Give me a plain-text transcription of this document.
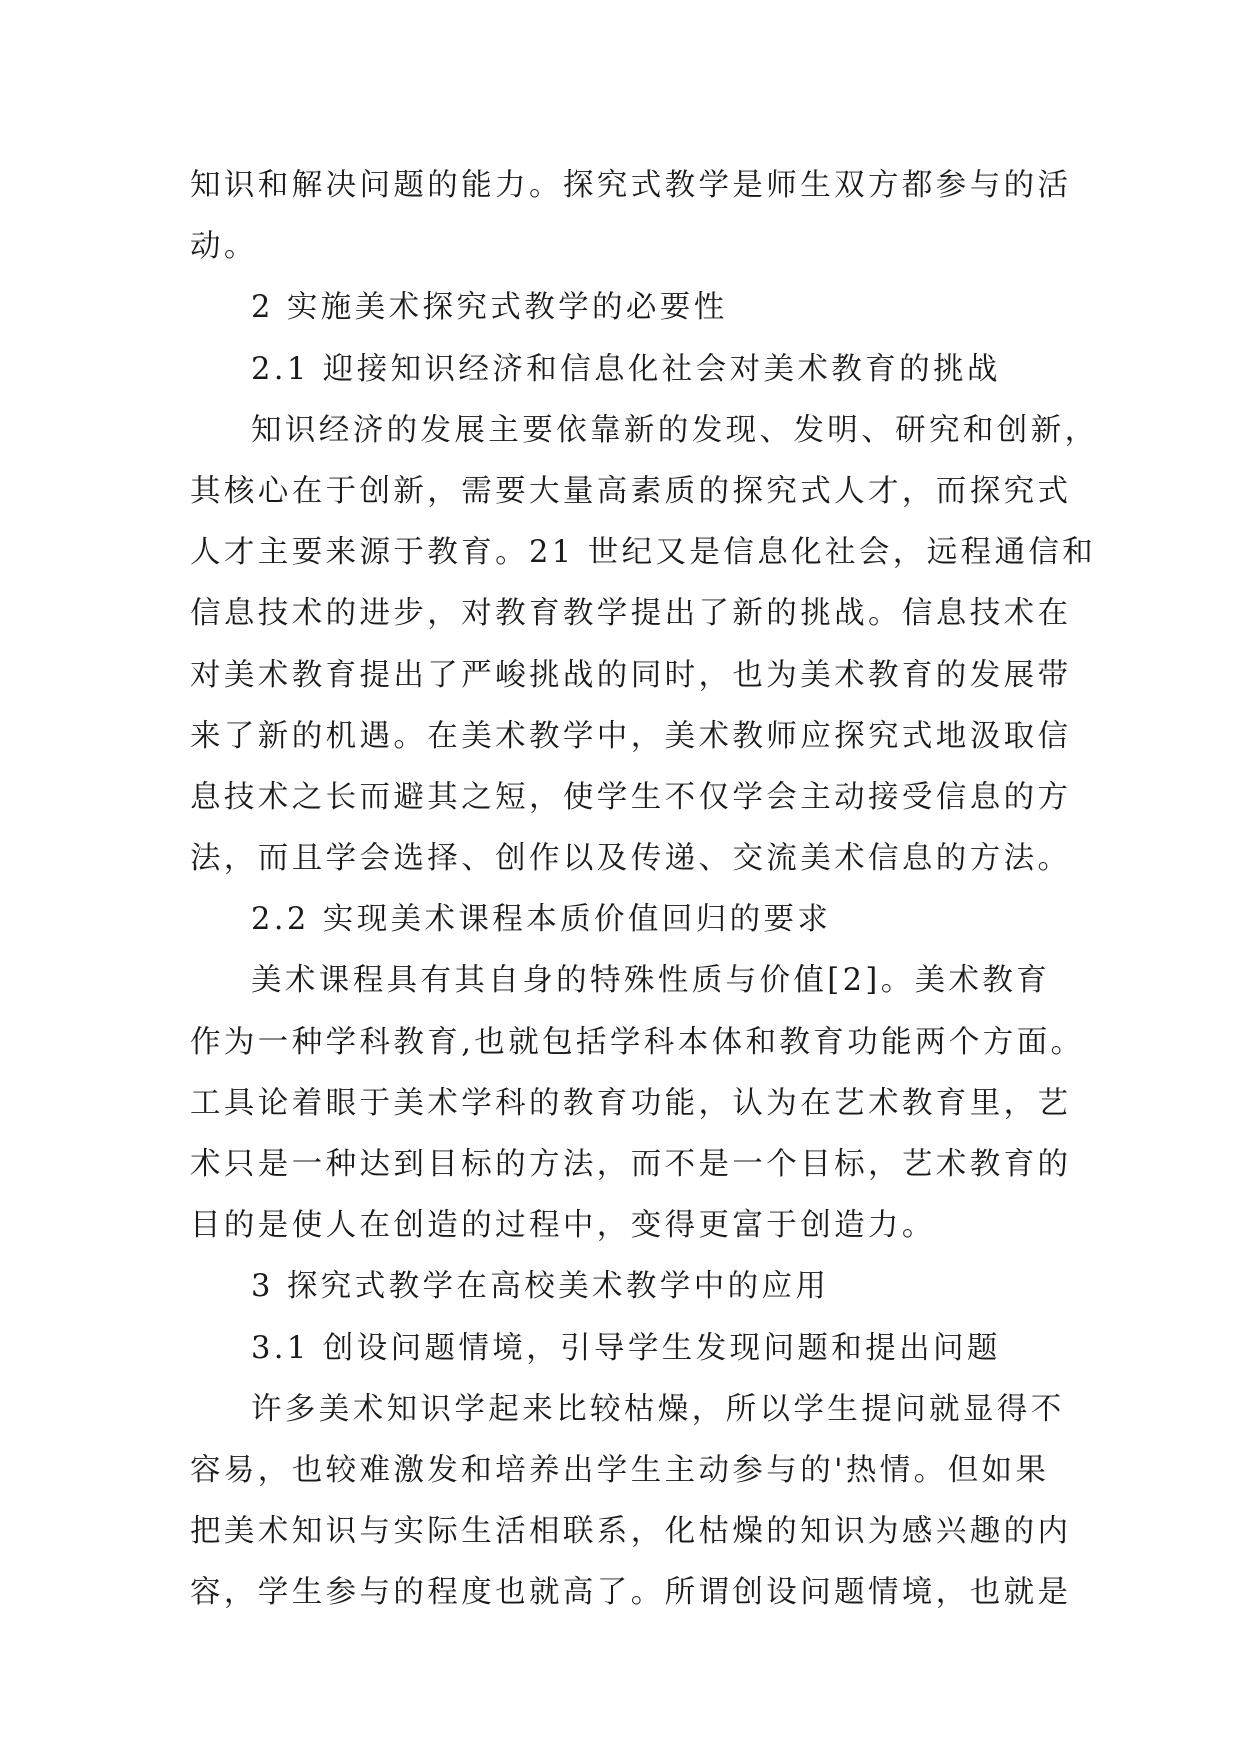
知识和解决问题的能力。探究式教学是师生双方都参与的活
动。
2 实施美术探究式教学的必要性
2.1 迎接知识经济和信息化社会对美术教育的挑战
知识经济的发展主要依靠新的发现、发明、研究和创新，
其核心在于创新，需要大量高素质的探究式人才，而探究式
人才主要来源于教育。21 世纪又是信息化社会，远程通信和
信息技术的进步，对教育教学提出了新的挑战。信息技术在
对美术教育提出了严峻挑战的同时，也为美术教育的发展带
来了新的机遇。在美术教学中，美术教师应探究式地汲取信
息技术之长而避其之短，使学生不仅学会主动接受信息的方
法，而且学会选择、创作以及传递、交流美术信息的方法。
2.2 实现美术课程本质价值回归的要求
美术课程具有其自身的特殊性质与价值[2]。美术教育
作为一种学科教育,也就包括学科本体和教育功能两个方面。
工具论着眼于美术学科的教育功能，认为在艺术教育里，艺
术只是一种达到目标的方法，而不是一个目标，艺术教育的
目的是使人在创造的过程中，变得更富于创造力。
3 探究式教学在高校美术教学中的应用
3.1 创设问题情境，引导学生发现问题和提出问题
许多美术知识学起来比较枯燥，所以学生提问就显得不
容易，也较难激发和培养出学生主动参与的'热情。但如果
把美术知识与实际生活相联系，化枯燥的知识为感兴趣的内
容，学生参与的程度也就高了。所谓创设问题情境，也就是
